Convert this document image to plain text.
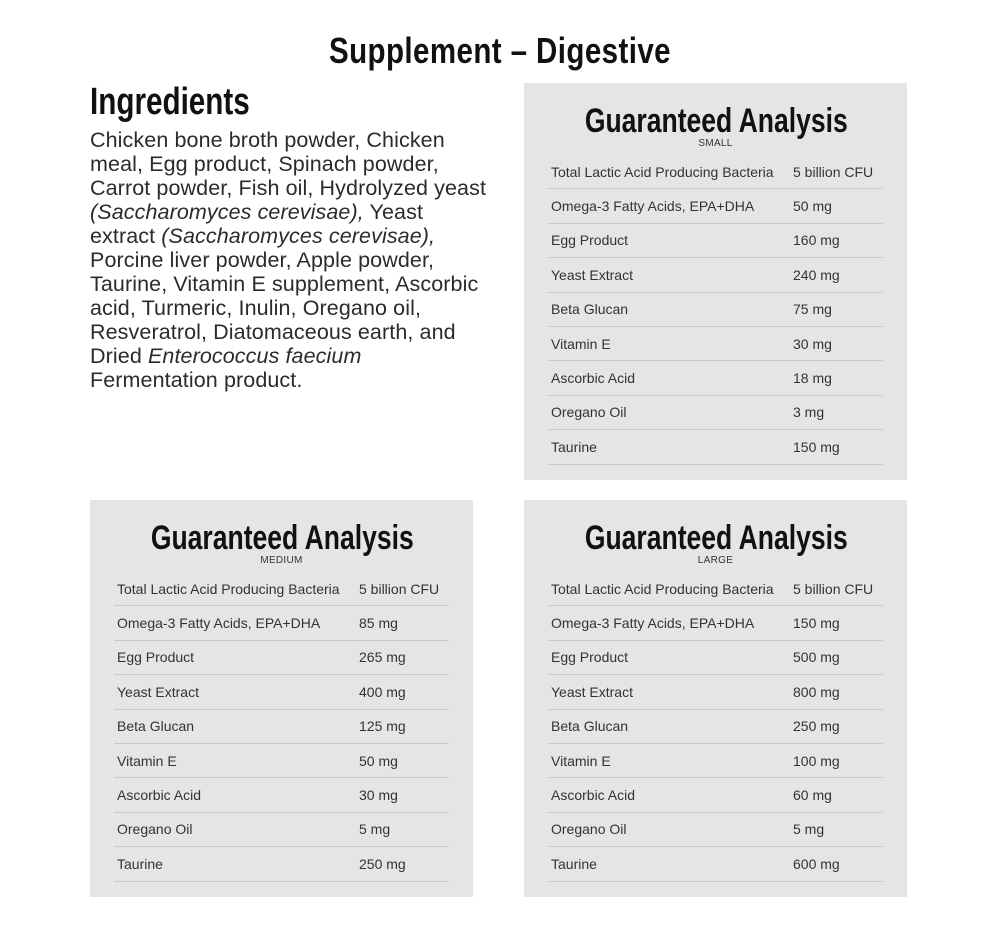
Supplement – Digestive
Ingredients

Chicken bone broth powder, Chicken meal, Egg product, Spinach powder, Carrot powder, Fish oil, Hydrolyzed yeast (Saccharomyces cerevisae), Yeast extract (Saccharomyces cerevisae), Porcine liver powder, Apple powder, Taurine, Vitamin E supplement, Ascorbic acid, Turmeric, Inulin, Oregano oil, Resveratrol, Diatomaceous earth, and Dried Enterococcus faecium Fermentation product.

Guaranteed Analysis
SMALL
Total Lactic Acid Producing Bacteria	5 billion CFU
Omega-3 Fatty Acids, EPA+DHA	50 mg
Egg Product	160 mg
Yeast Extract	240 mg
Beta Glucan	75 mg
Vitamin E	30 mg
Ascorbic Acid	18 mg
Oregano Oil	3 mg
Taurine	150 mg
Guaranteed Analysis
MEDIUM
Total Lactic Acid Producing Bacteria	5 billion CFU
Omega-3 Fatty Acids, EPA+DHA	85 mg
Egg Product	265 mg
Yeast Extract	400 mg
Beta Glucan	125 mg
Vitamin E	50 mg
Ascorbic Acid	30 mg
Oregano Oil	5 mg
Taurine	250 mg
Guaranteed Analysis
LARGE
Total Lactic Acid Producing Bacteria	5 billion CFU
Omega-3 Fatty Acids, EPA+DHA	150 mg
Egg Product	500 mg
Yeast Extract	800 mg
Beta Glucan	250 mg
Vitamin E	100 mg
Ascorbic Acid	60 mg
Oregano Oil	5 mg
Taurine	600 mg
